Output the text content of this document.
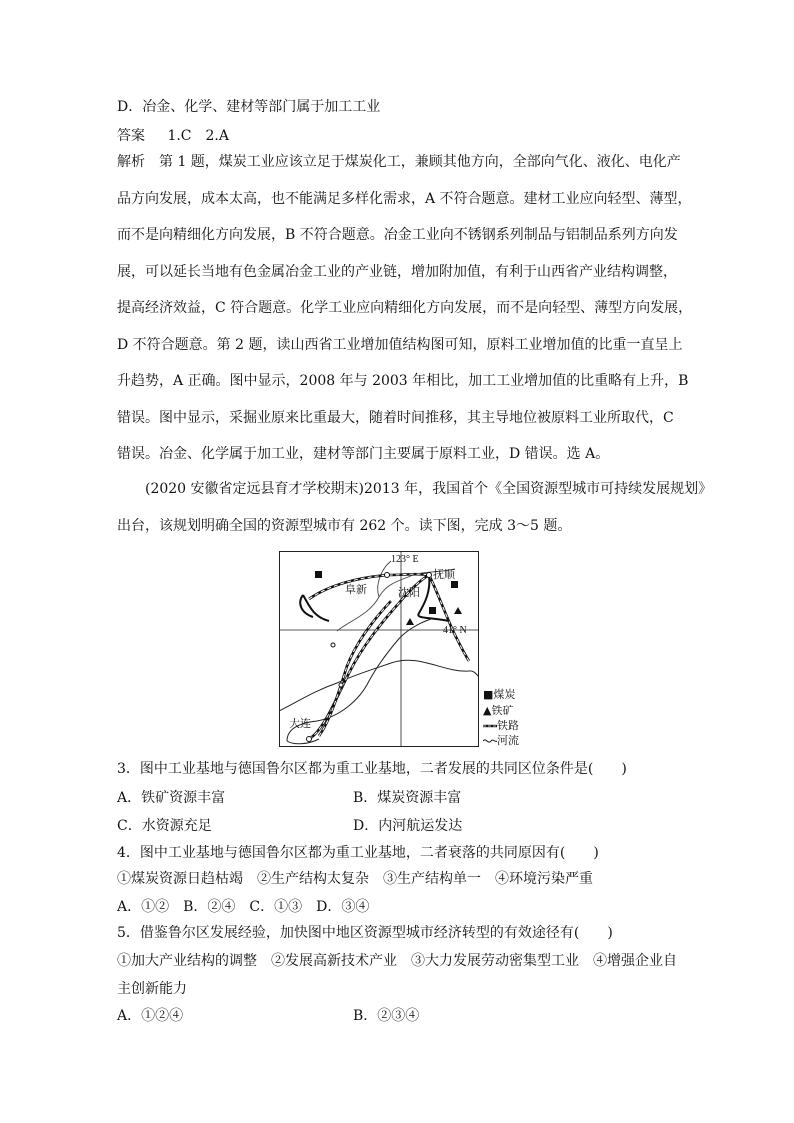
D．冶金、化学、建材等部门属于加工工业
答案 1.C　2.A
解析　 第 1 题，煤炭工业应该立足于煤炭化工，兼顾其他方向，全部向气化、液化、电化产
品方向发展，成本太高，也不能满足多样化需求，A 不符合题意。建材工业应向轻型、薄型，
而不是向精细化方向发展，B 不符合题意。冶金工业向不锈钢系列制品与铝制品系列方向发
展，可以延长当地有色金属冶金工业的产业链，增加附加值，有利于山西省产业结构调整，
提高经济效益，C 符合题意。化学工业应向精细化方向发展，而不是向轻型、薄型方向发展，
D 不符合题意。第 2 题，读山西省工业增加值结构图可知，原料工业增加值的比重一直呈上
升趋势，A 正确。图中显示，2008 年与 2003 年相比，加工工业增加值的比重略有上升，B
错误。图中显示，采掘业原来比重最大，随着时间推移，其主导地位被原料工业所取代，C
错误。冶金、化学属于加工业，建材等部门主要属于原料工业，D 错误。选 A。
(2020 安徽省定远县育才学校期末)2013 年，我国首个《全国资源型城市可持续发展规划》
出台，该规划明确全国的资源型城市有 262 个。读下图，完成 3～5 题。
123° E
41° N
阜新
抚顺
沈阳
大连
■煤炭
▲铁矿
铁路
河流
3．图中工业基地与德国鲁尔区都为重工业基地，二者发展的共同区位条件是(　　)
A．铁矿资源丰富	B．煤炭资源丰富
C．水资源充足	D．内河航运发达
4．图中工业基地与德国鲁尔区都为重工业基地，二者衰落的共同原因有(　　)
①煤炭资源日趋枯竭　②生产结构太复杂　③生产结构单一　④环境污染严重
A．①②　B．②④　C．①③　D．③④
5．借鉴鲁尔区发展经验，加快图中地区资源型城市经济转型的有效途径有(　　)
①加大产业结构的调整　②发展高新技术产业　③大力发展劳动密集型工业　④增强企业自
主创新能力
A．①②④	B．②③④
